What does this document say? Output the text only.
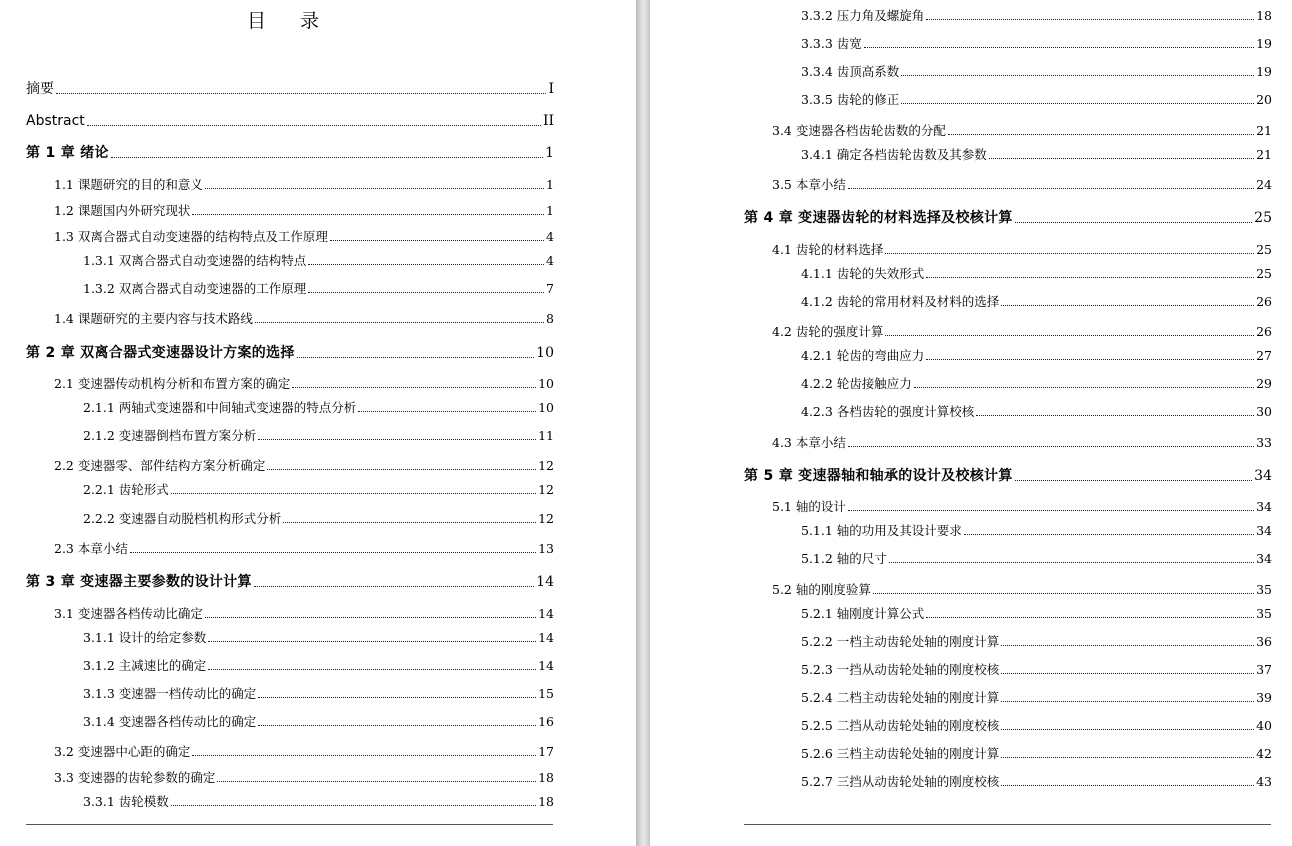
目 录
摘要	I
Abstract	II
第 1 章 绪论	1
1.1 课题研究的目的和意义	1
1.2 课题国内外研究现状	1
1.3 双离合器式自动变速器的结构特点及工作原理	4
1.3.1 双离合器式自动变速器的结构特点	4
1.3.2 双离合器式自动变速器的工作原理	7
1.4 课题研究的主要内容与技术路线	8
第 2 章 双离合器式变速器设计方案的选择	10
2.1 变速器传动机构分析和布置方案的确定	10
2.1.1 两轴式变速器和中间轴式变速器的特点分析	10
2.1.2 变速器倒档布置方案分析	11
2.2 变速器零、部件结构方案分析确定	12
2.2.1 齿轮形式	12
2.2.2 变速器自动脱档机构形式分析	12
2.3 本章小结	13
第 3 章 变速器主要参数的设计计算	14
3.1 变速器各档传动比确定	14
3.1.1 设计的给定参数	14
3.1.2 主减速比的确定	14
3.1.3 变速器一档传动比的确定	15
3.1.4 变速器各档传动比的确定	16
3.2 变速器中心距的确定	17
3.3 变速器的齿轮参数的确定	18
3.3.1 齿轮模数	18
3.3.2 压力角及螺旋角	18
3.3.3 齿宽	19
3.3.4 齿顶高系数	19
3.3.5 齿轮的修正	20
3.4 变速器各档齿轮齿数的分配	21
3.4.1 确定各档齿轮齿数及其参数	21
3.5 本章小结	24
第 4 章 变速器齿轮的材料选择及校核计算	25
4.1 齿轮的材料选择	25
4.1.1 齿轮的失效形式	25
4.1.2 齿轮的常用材料及材料的选择	26
4.2 齿轮的强度计算	26
4.2.1 轮齿的弯曲应力	27
4.2.2 轮齿接触应力	29
4.2.3 各档齿轮的强度计算校核	30
4.3 本章小结	33
第 5 章 变速器轴和轴承的设计及校核计算	34
5.1 轴的设计	34
5.1.1 轴的功用及其设计要求	34
5.1.2 轴的尺寸	34
5.2 轴的刚度验算	35
5.2.1 轴刚度计算公式	35
5.2.2 一档主动齿轮处轴的刚度计算	36
5.2.3 一挡从动齿轮处轴的刚度校核	37
5.2.4 二档主动齿轮处轴的刚度计算	39
5.2.5 二挡从动齿轮处轴的刚度校核	40
5.2.6 三档主动齿轮处轴的刚度计算	42
5.2.7 三挡从动齿轮处轴的刚度校核	43
